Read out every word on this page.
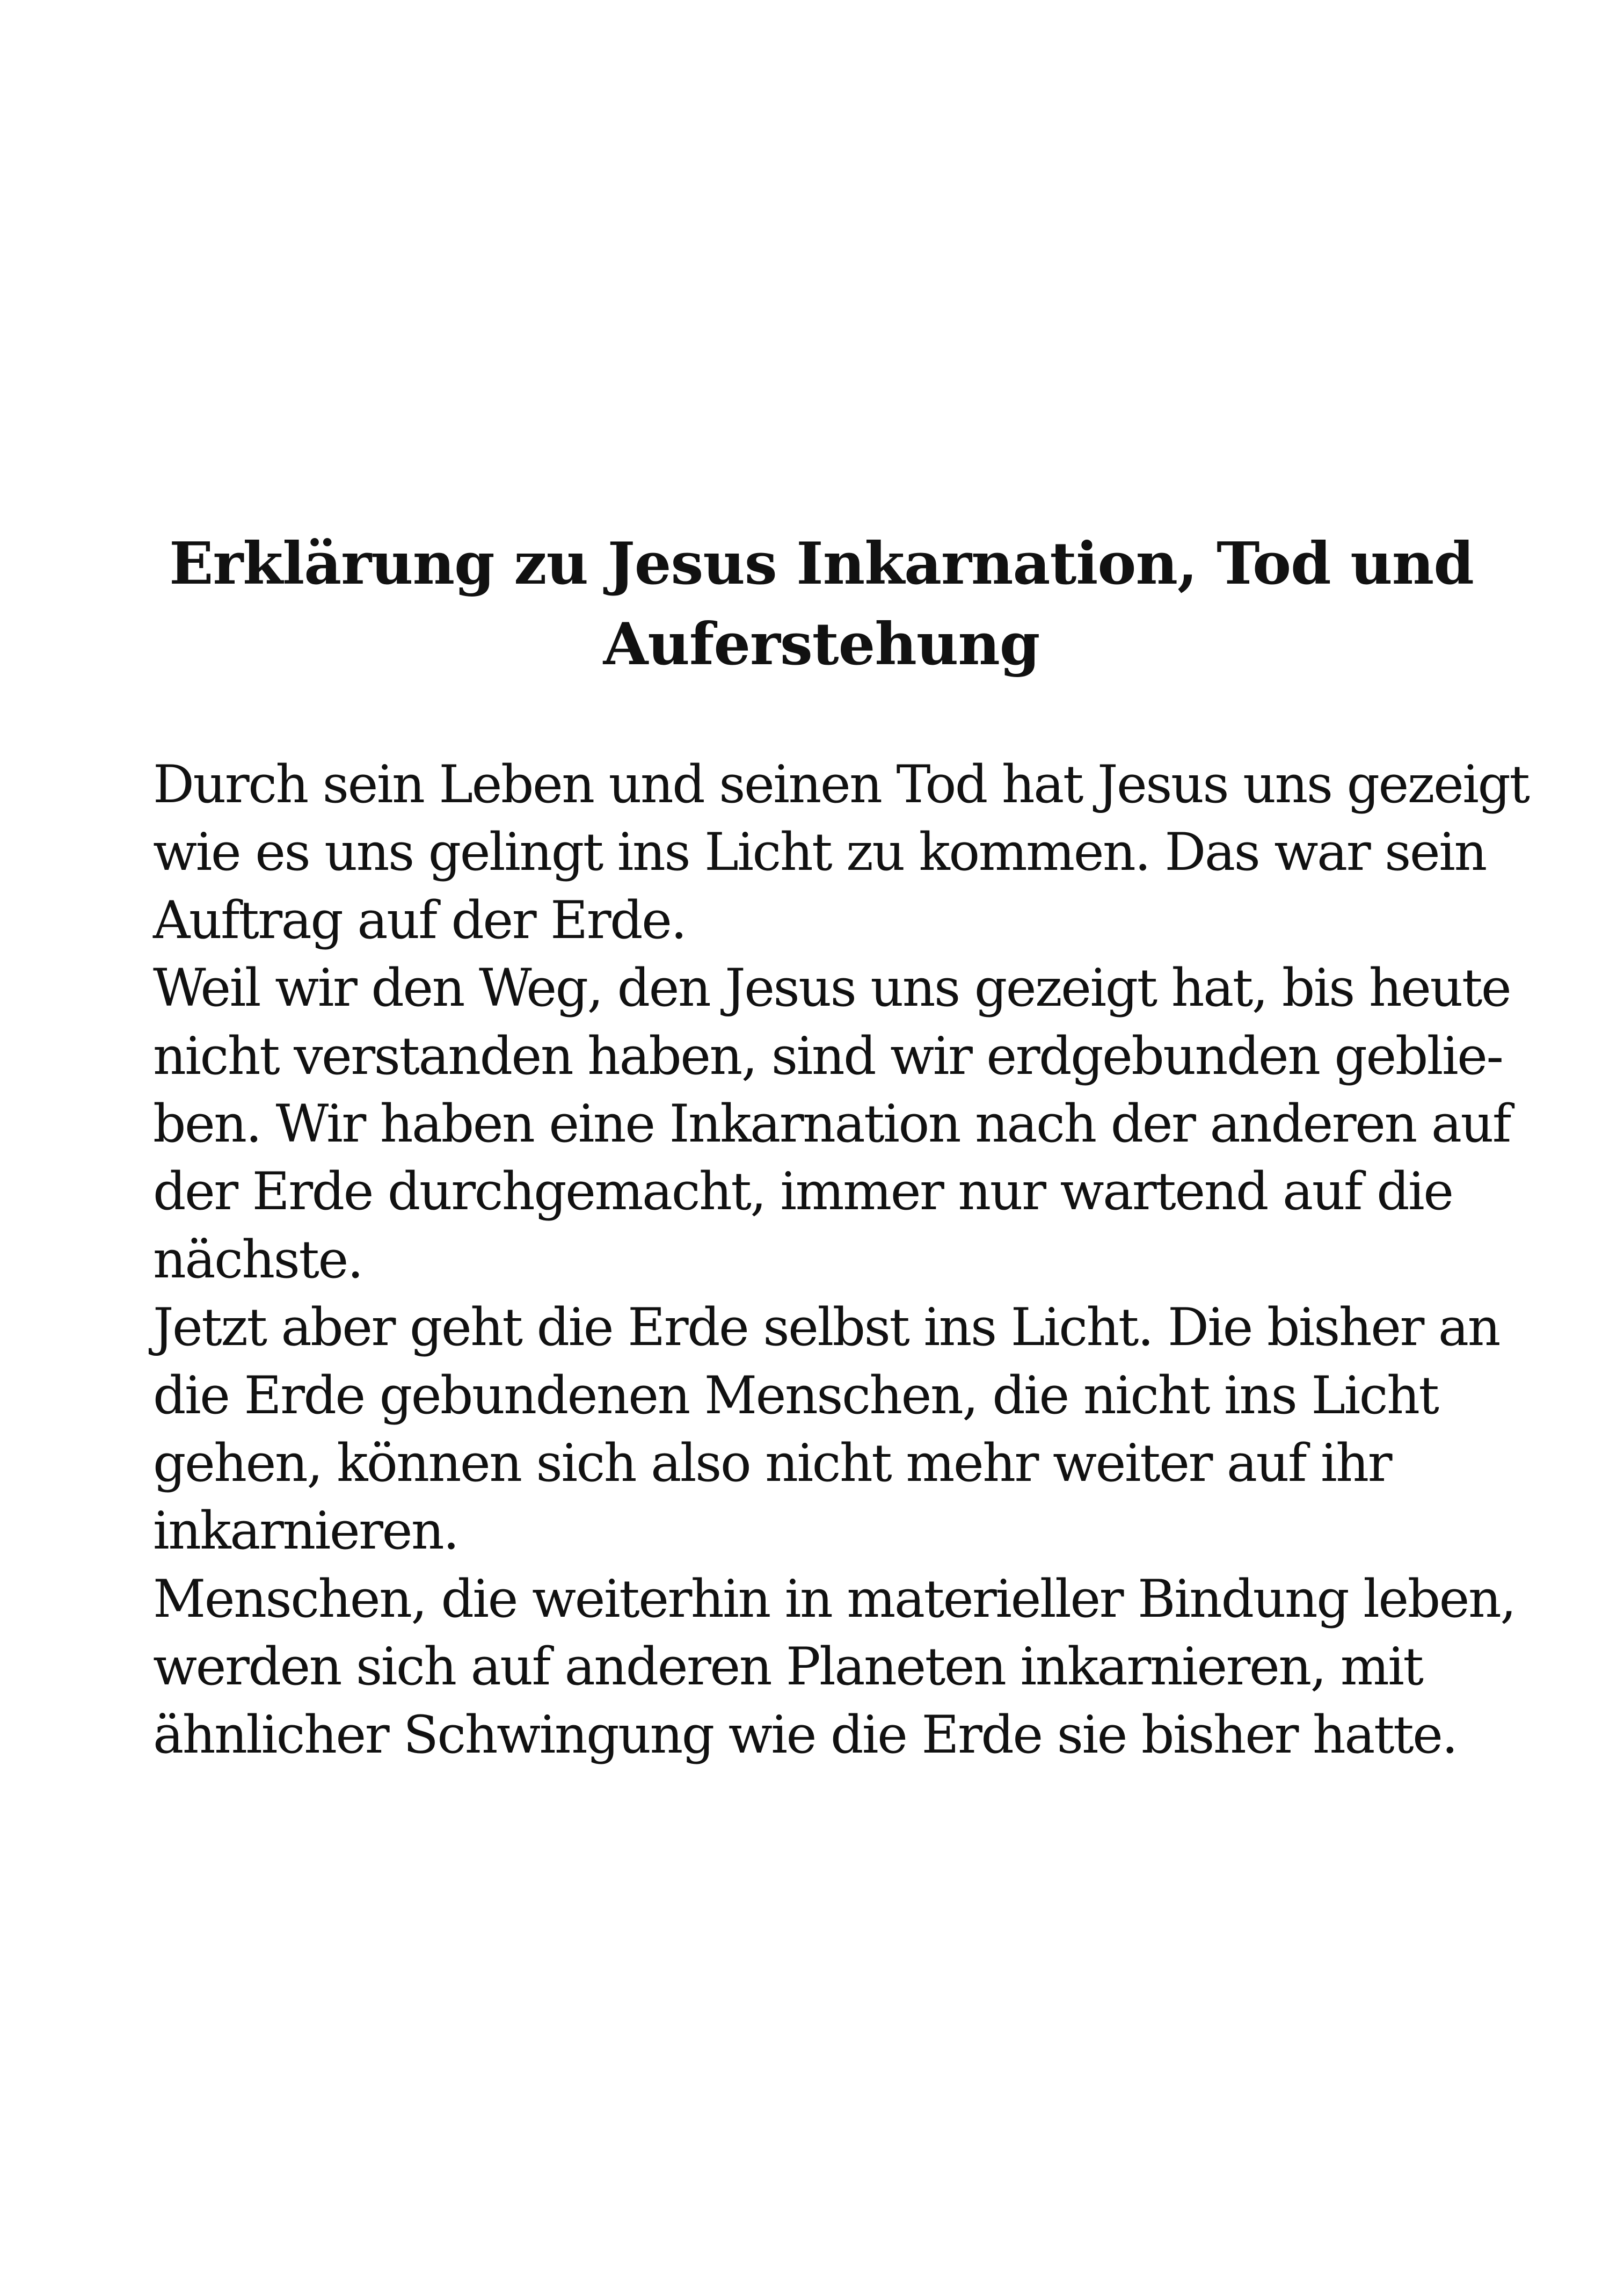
Erklärung zu Jesus Inkarnation, Tod und
Auferstehung
Durch sein Leben und seinen Tod hat Jesus uns gezeigt
wie es uns gelingt ins Licht zu kommen. Das war sein
Auftrag auf der Erde.
Weil wir den Weg, den Jesus uns gezeigt hat, bis heute
nicht verstanden haben, sind wir erdgebunden geblie-
ben. Wir haben eine Inkarnation nach der anderen auf
der Erde durchgemacht, immer nur wartend auf die
nächste.
Jetzt aber geht die Erde selbst ins Licht. Die bisher an
die Erde gebundenen Menschen, die nicht ins Licht
gehen, können sich also nicht mehr weiter auf ihr
inkarnieren.
Menschen, die weiterhin in materieller Bindung leben,
werden sich auf anderen Planeten inkarnieren, mit
ähnlicher Schwingung wie die Erde sie bisher hatte.
